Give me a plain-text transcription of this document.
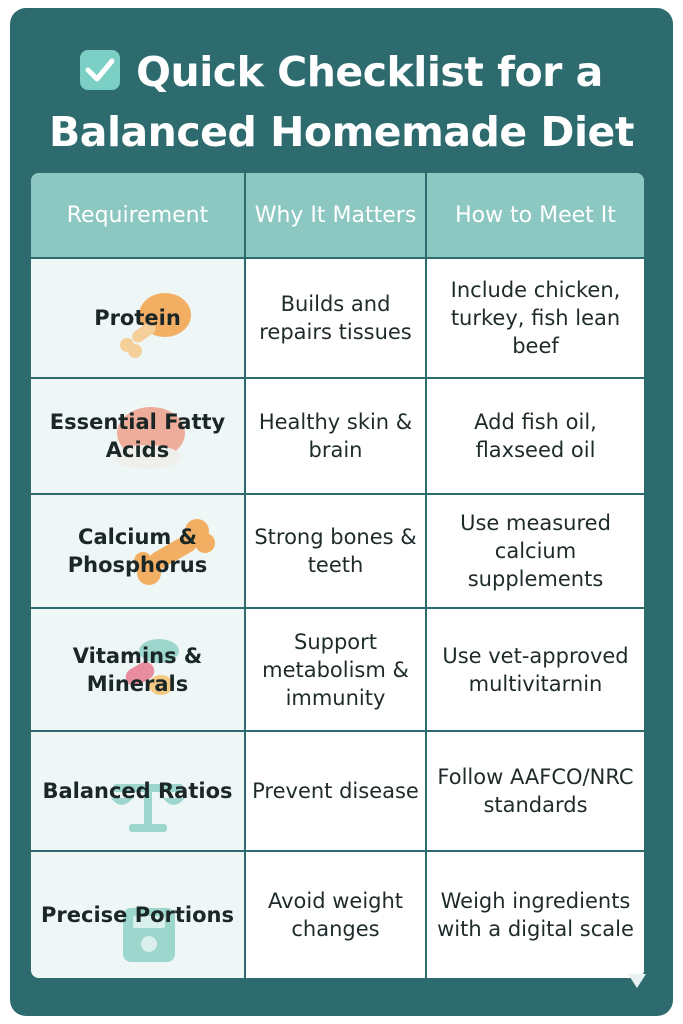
Quick Checklist for a
Balanced Homemade Diet
Requirement	Why It Matters	How to Meet It

Protein	Builds and repairs tissues	Include chicken, turkey, fish lean beef

Essential Fatty Acids	Healthy skin & brain	Add fish oil, flaxseed oil

Calcium & Phosphorus	Strong bones & teeth	Use measured calcium supplements

Vitamins & Minerals	Support metabolism & immunity	Use vet-approved multivitarnin

Balanced Ratios	Prevent disease	Follow AAFCO/NRC standards

Precise Portions	Avoid weight changes	Weigh ingredients with a digital scale
